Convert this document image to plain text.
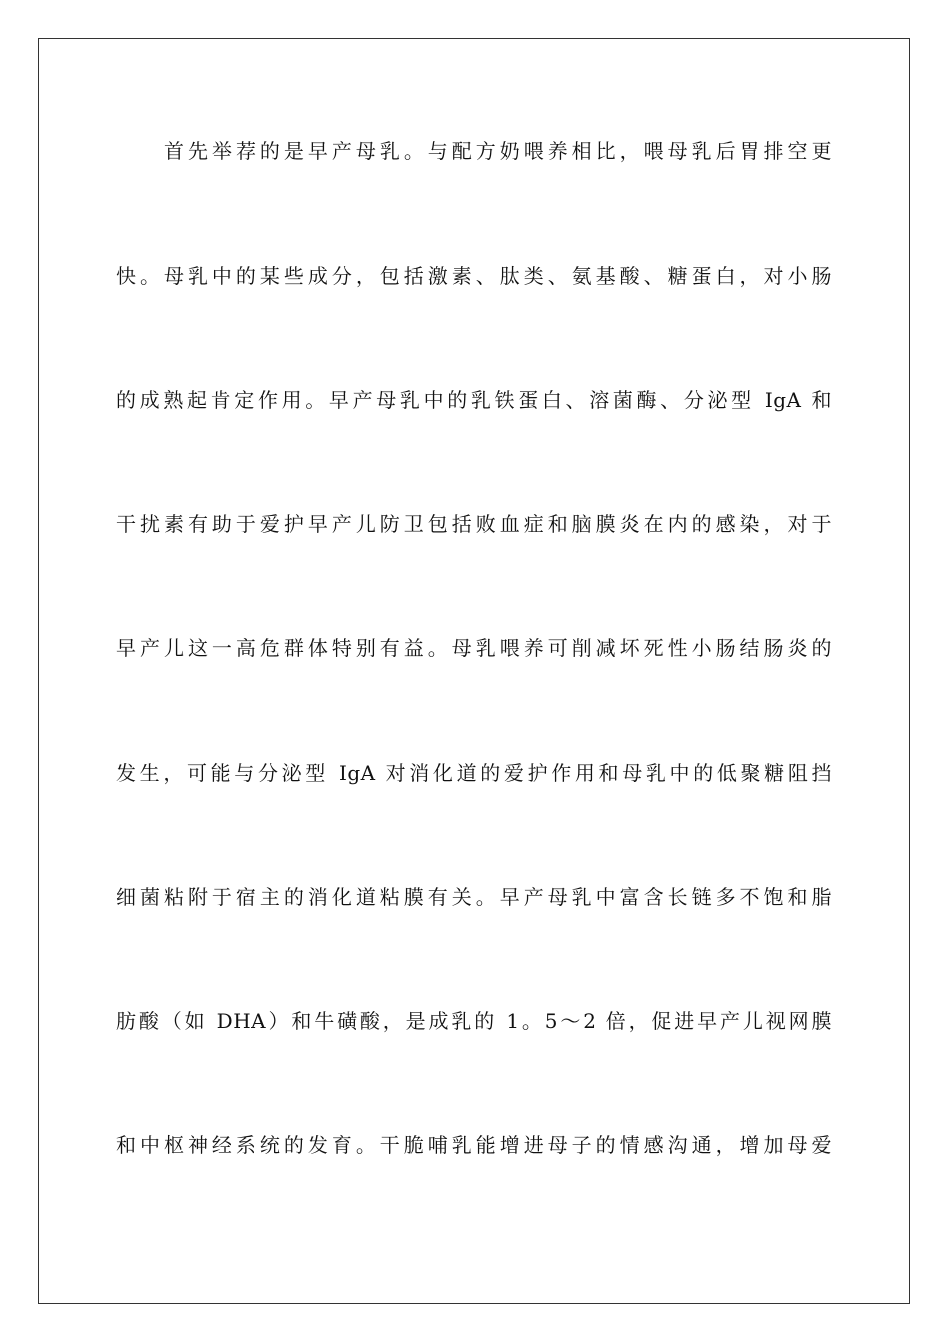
首先举荐的是早产母乳。与配方奶喂养相比，喂母乳后胃排空更
快。母乳中的某些成分，包括激素、肽类、氨基酸、糖蛋白，对小肠
的成熟起肯定作用。早产母乳中的乳铁蛋白、溶菌酶、分泌型 IgA 和
干扰素有助于爱护早产儿防卫包括败血症和脑膜炎在内的感染，对于
早产儿这一高危群体特别有益。母乳喂养可削减坏死性小肠结肠炎的
发生，可能与分泌型 IgA 对消化道的爱护作用和母乳中的低聚糖阻挡
细菌粘附于宿主的消化道粘膜有关。早产母乳中富含长链多不饱和脂
肪酸（如 DHA）和牛磺酸，是成乳的 1。5～2 倍，促进早产儿视网膜
和中枢神经系统的发育。干脆哺乳能增进母子的情感沟通，增加母爱
